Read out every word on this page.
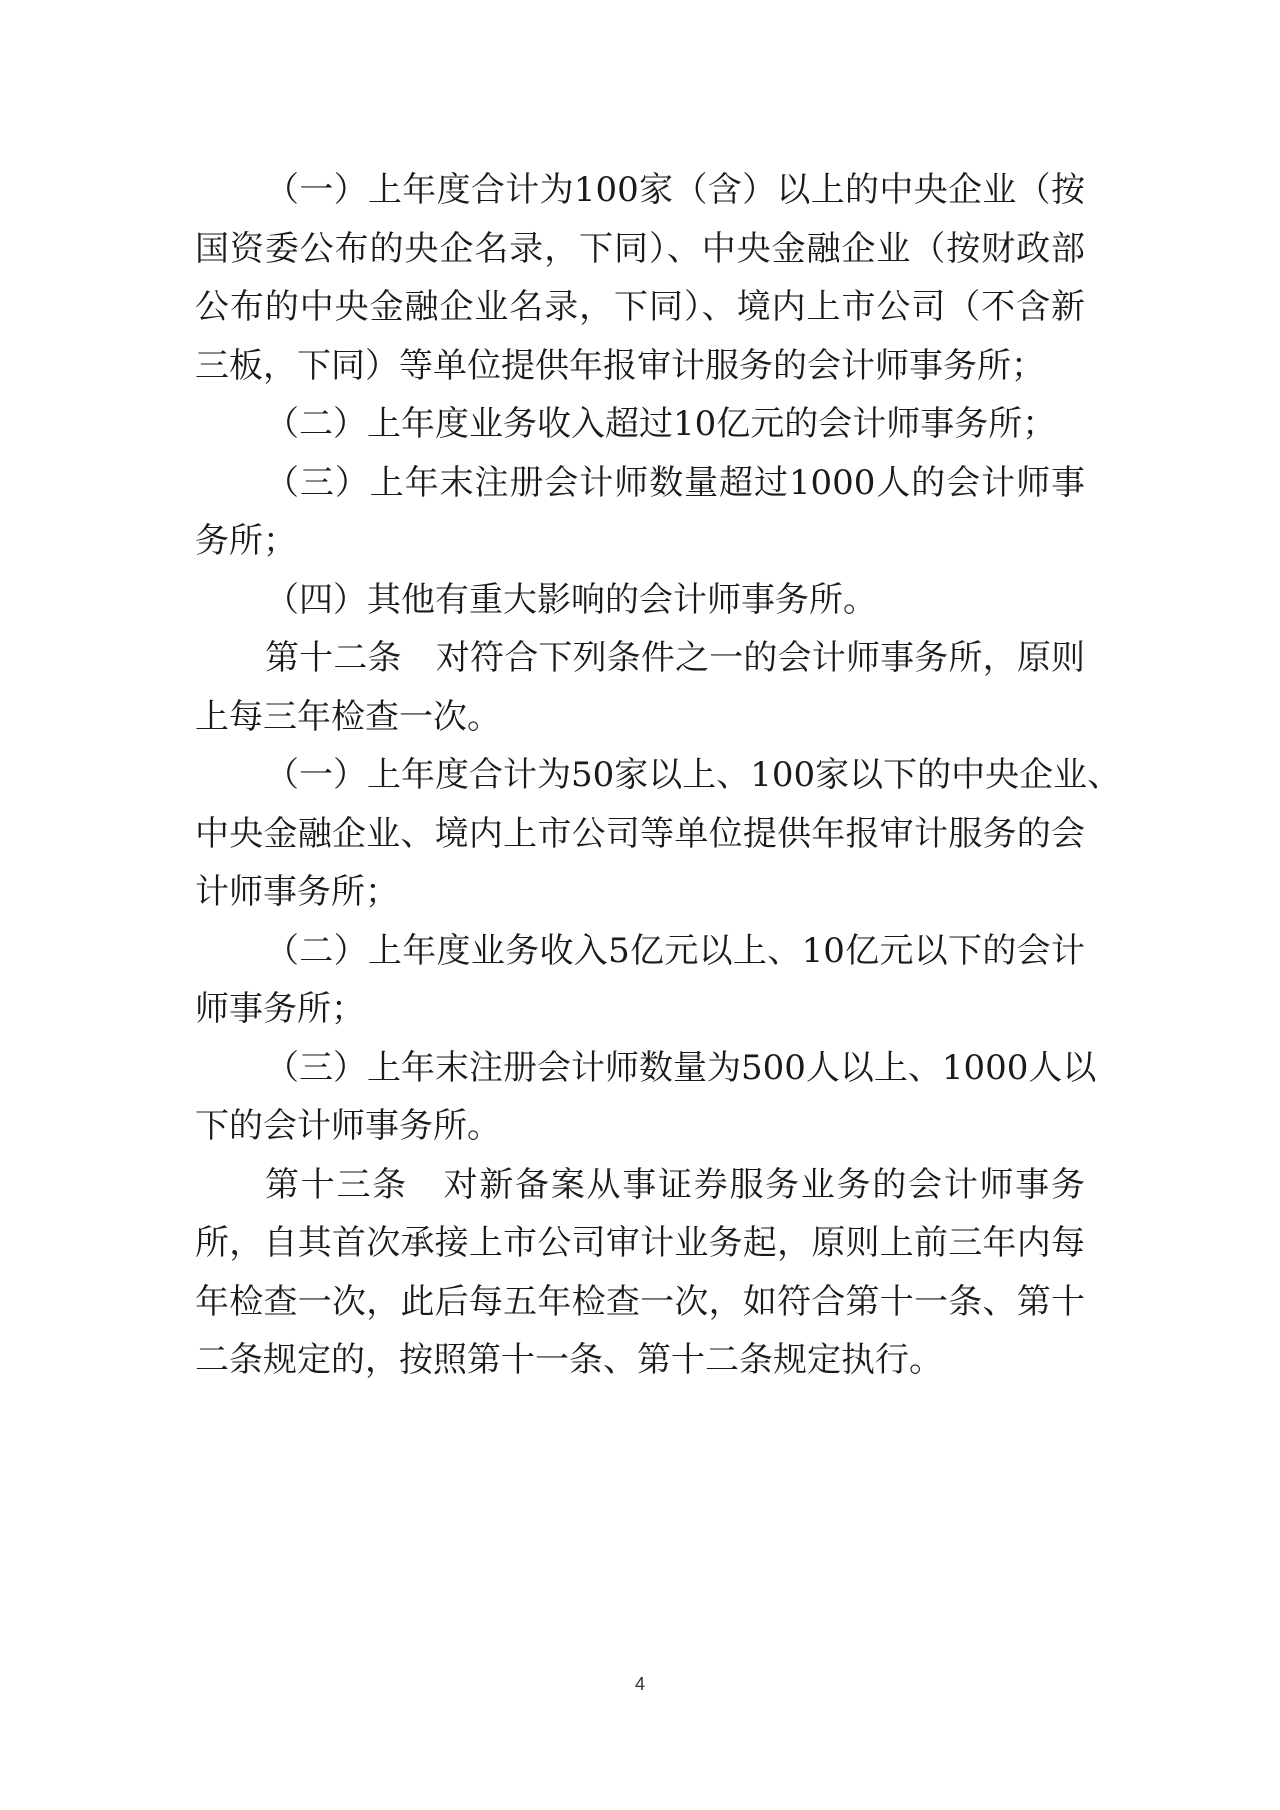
（一）上年度合计为100家（含）以上的中央企业（按
国资委公布的央企名录，下同）、中央金融企业（按财政部
公布的中央金融企业名录，下同）、境内上市公司（不含新
三板，下同）等单位提供年报审计服务的会计师事务所；
（二）上年度业务收入超过10亿元的会计师事务所；
（三）上年末注册会计师数量超过1000人的会计师事
务所；
（四）其他有重大影响的会计师事务所。
第十二条　对符合下列条件之一的会计师事务所，原则
上每三年检查一次。
（一）上年度合计为50家以上、100家以下的中央企业、
中央金融企业、境内上市公司等单位提供年报审计服务的会
计师事务所；
（二）上年度业务收入5亿元以上、10亿元以下的会计
师事务所；
（三）上年末注册会计师数量为500人以上、1000人以
下的会计师事务所。
第十三条　对新备案从事证券服务业务的会计师事务
所，自其首次承接上市公司审计业务起，原则上前三年内每
年检查一次，此后每五年检查一次，如符合第十一条、第十
二条规定的，按照第十一条、第十二条规定执行。
4
